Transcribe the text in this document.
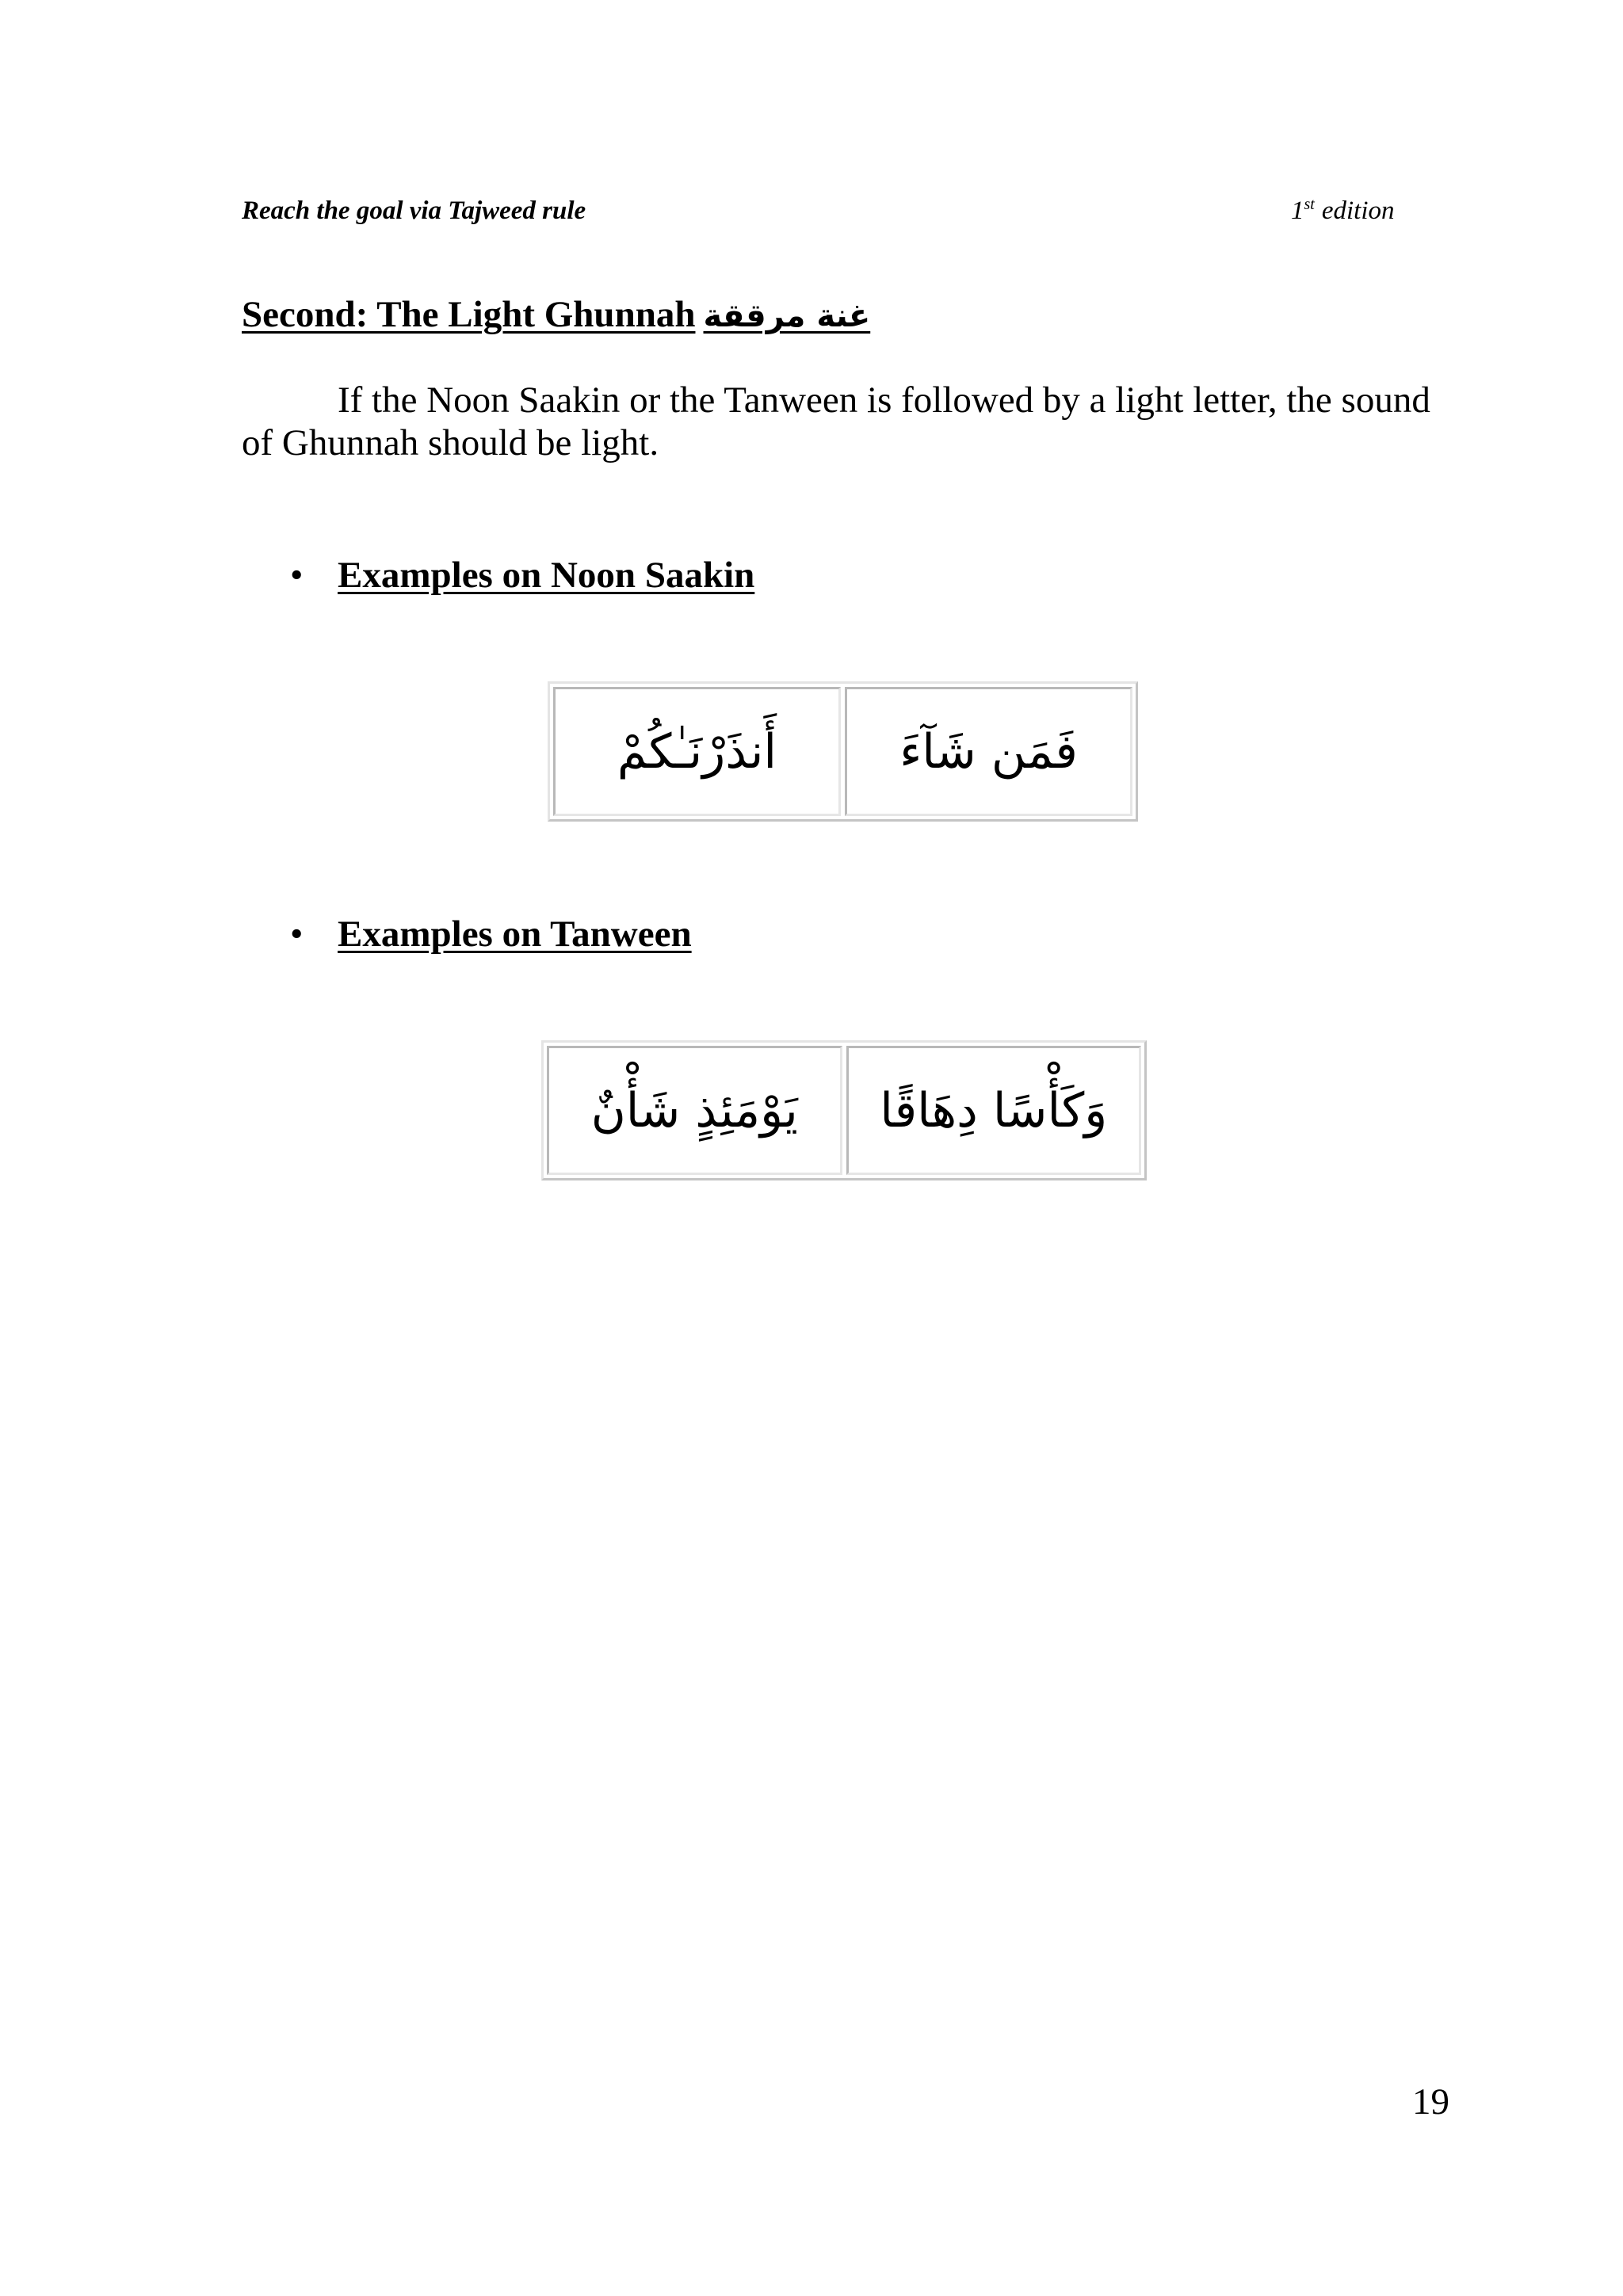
Reach the goal via Tajweed rule	1st edition
Second: The Light Ghunnah غنة مرققة
If the Noon Saakin or the Tanween is followed by a light letter, the sound of Ghunnah should be light.
• Examples on Noon Saakin
أَنذَرْنَـٰكُمْ	فَمَن شَآءَ
• Examples on Tanween
يَوْمَئِذٍ شَأْنٌ	وَكَأْسًا دِهَاقًا
19
